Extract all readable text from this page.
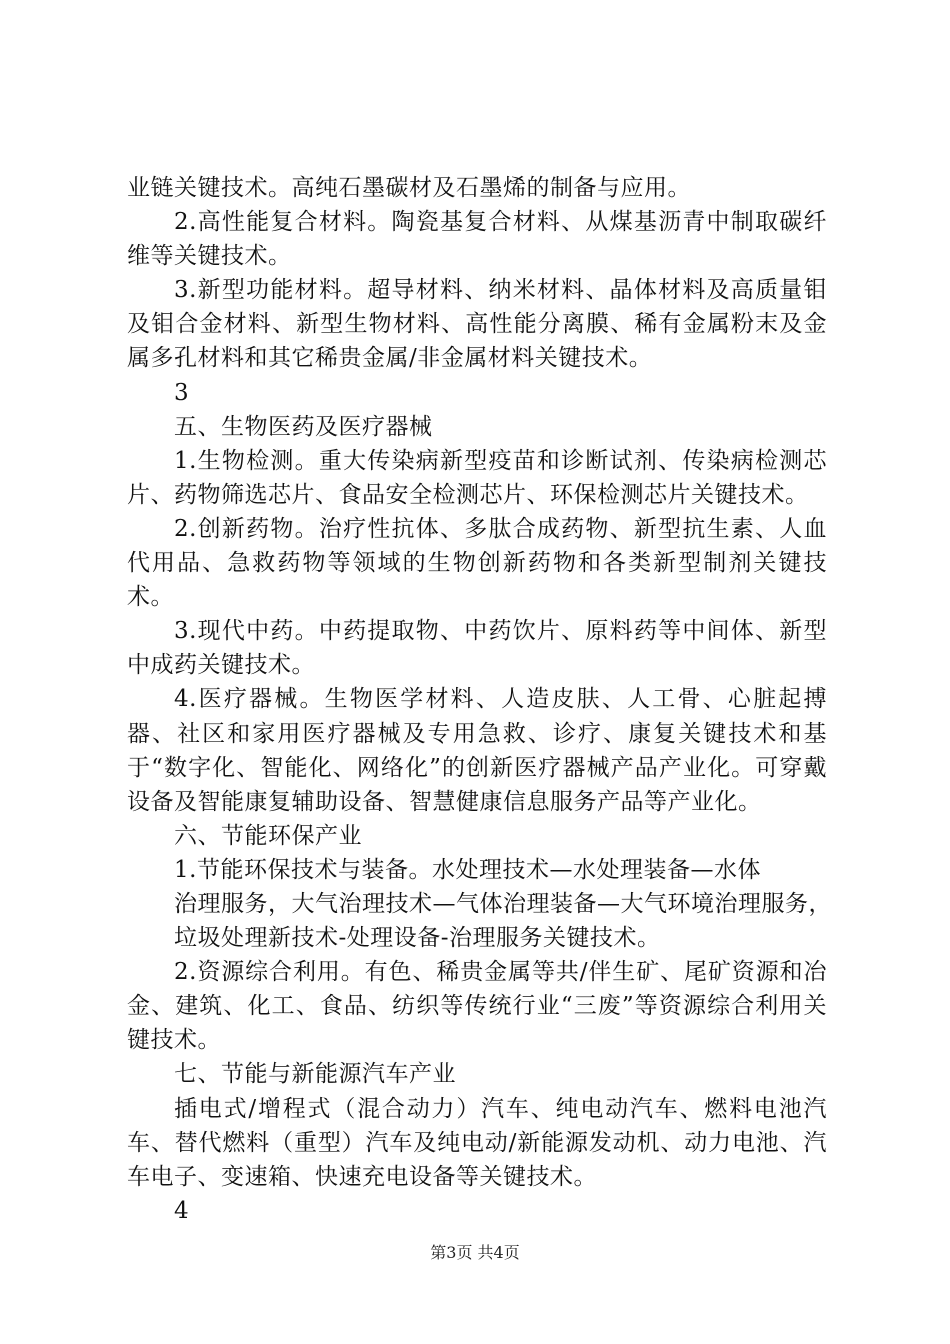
业链关键技术。高纯石墨碳材及石墨烯的制备与应用。

2.高性能复合材料。陶瓷基复合材料、从煤基沥青中制取碳纤维等关键技术。

3.新型功能材料。超导材料、纳米材料、晶体材料及高质量钼及钼合金材料、新型生物材料、高性能分离膜、稀有金属粉末及金属多孔材料和其它稀贵金属/非金属材料关键技术。

3

五、生物医药及医疗器械

1.生物检测。重大传染病新型疫苗和诊断试剂、传染病检测芯片、药物筛选芯片、食品安全检测芯片、环保检测芯片关键技术。

2.创新药物。治疗性抗体、多肽合成药物、新型抗生素、人血代用品、急救药物等领域的生物创新药物和各类新型制剂关键技术。

3.现代中药。中药提取物、中药饮片、原料药等中间体、新型中成药关键技术。

4.医疗器械。生物医学材料、人造皮肤、人工骨、心脏起搏器、社区和家用医疗器械及专用急救、诊疗、康复关键技术和基于“数字化、智能化、网络化”的创新医疗器械产品产业化。可穿戴设备及智能康复辅助设备、智慧健康信息服务产品等产业化。

六、节能环保产业

1.节能环保技术与装备。水处理技术—水处理装备—水体
治理服务，大气治理技术—气体治理装备—大气环境治理服务，
垃圾处理新技术-处理设备-治理服务关键技术。

2.资源综合利用。有色、稀贵金属等共/伴生矿、尾矿资源和冶金、建筑、化工、食品、纺织等传统行业“三废”等资源综合利用关键技术。

七、节能与新能源汽车产业

插电式/增程式（混合动力）汽车、纯电动汽车、燃料电池汽车、替代燃料（重型）汽车及纯电动/新能源发动机、动力电池、汽车电子、变速箱、快速充电设备等关键技术。

4

第3页 共4页
